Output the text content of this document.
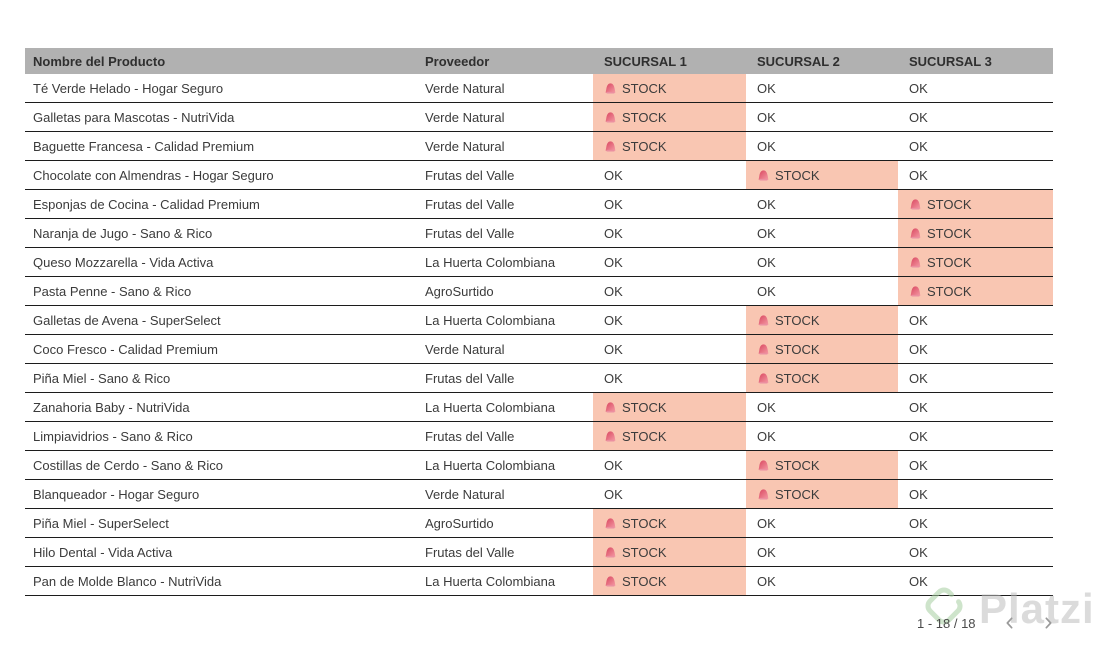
Platzi
Nombre del Producto	Proveedor	SUCURSAL 1	SUCURSAL 2	SUCURSAL 3
Té Verde Helado - Hogar Seguro	Verde Natural	STOCK	OK	OK
Galletas para Mascotas - NutriVida	Verde Natural	STOCK	OK	OK
Baguette Francesa - Calidad Premium	Verde Natural	STOCK	OK	OK
Chocolate con Almendras - Hogar Seguro	Frutas del Valle	OK	STOCK	OK
Esponjas de Cocina - Calidad Premium	Frutas del Valle	OK	OK	STOCK
Naranja de Jugo - Sano & Rico	Frutas del Valle	OK	OK	STOCK
Queso Mozzarella - Vida Activa	La Huerta Colombiana	OK	OK	STOCK
Pasta Penne - Sano & Rico	AgroSurtido	OK	OK	STOCK
Galletas de Avena - SuperSelect	La Huerta Colombiana	OK	STOCK	OK
Coco Fresco - Calidad Premium	Verde Natural	OK	STOCK	OK
Piña Miel - Sano & Rico	Frutas del Valle	OK	STOCK	OK
Zanahoria Baby - NutriVida	La Huerta Colombiana	STOCK	OK	OK
Limpiavidrios - Sano & Rico	Frutas del Valle	STOCK	OK	OK
Costillas de Cerdo - Sano & Rico	La Huerta Colombiana	OK	STOCK	OK
Blanqueador - Hogar Seguro	Verde Natural	OK	STOCK	OK
Piña Miel - SuperSelect	AgroSurtido	STOCK	OK	OK
Hilo Dental - Vida Activa	Frutas del Valle	STOCK	OK	OK
Pan de Molde Blanco - NutriVida	La Huerta Colombiana	STOCK	OK	OK
1 - 18 / 18
